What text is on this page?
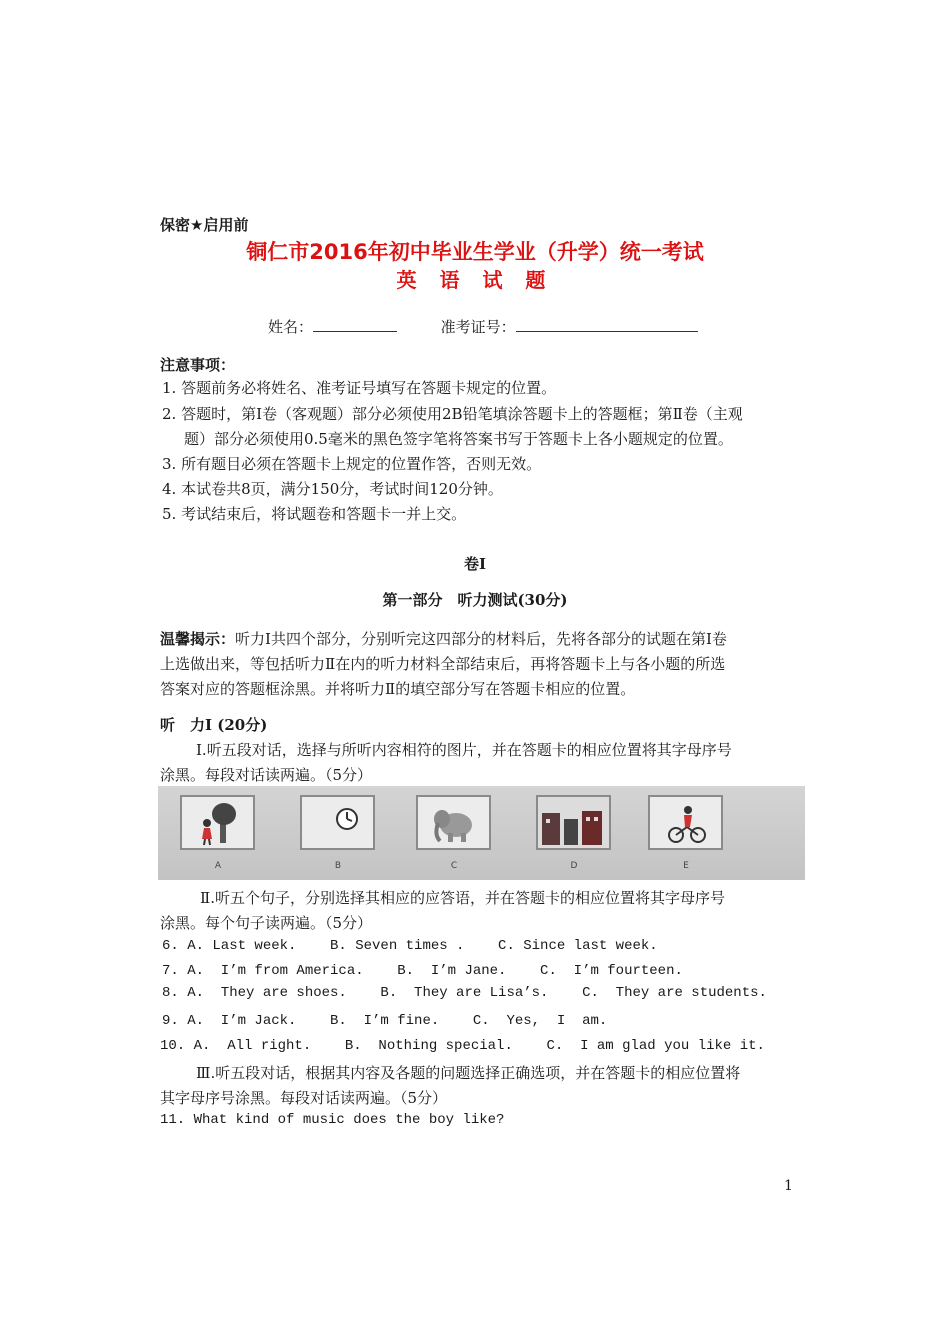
保密★启用前
铜仁市2016年初中毕业生学业（升学）统一考试
英 语 试 题
姓名：	准考证号：
注意事项：
1. 答题前务必将姓名、准考证号填写在答题卡规定的位置。
2. 答题时，第Ⅰ卷（客观题）部分必须使用2B铅笔填涂答题卡上的答题框；第Ⅱ卷（主观
题）部分必须使用0.5毫米的黑色签字笔将答案书写于答题卡上各小题规定的位置。
3. 所有题目必须在答题卡上规定的位置作答，否则无效。
4. 本试卷共8页，满分150分，考试时间120分钟。
5. 考试结束后，将试题卷和答题卡一并上交。
卷Ⅰ
第一部分　听力测试(30分)
温馨揭示：听力Ⅰ共四个部分，分别听完这四部分的材料后，先将各部分的试题在第Ⅰ卷
上选做出来，等包括听力Ⅱ在内的听力材料全部结束后，再将答题卡上与各小题的所选
答案对应的答题框涂黑。并将听力Ⅱ的填空部分写在答题卡相应的位置。
听　力Ⅰ (20分)
Ⅰ.听五段对话，选择与所听内容相符的图片，并在答题卡的相应位置将其字母序号
涂黑。每段对话读两遍。（5分）
A	B	C	D	E
Ⅱ.听五个句子，分别选择其相应的应答语，并在答题卡的相应位置将其字母序号
涂黑。每个句子读两遍。（5分）
6. A. Last week.    B. Seven times .    C. Since last week.
7. A.  I’m from America.    B.  I’m Jane.    C.  I’m fourteen.
8. A.  They are shoes.    B.  They are Lisa’s.    C.  They are students.
9. A.  I’m Jack.    B.  I’m fine.    C.  Yes,  I  am.
10. A.  All right.    B.  Nothing special.    C.  I am glad you like it.
Ⅲ.听五段对话，根据其内容及各题的问题选择正确选项，并在答题卡的相应位置将
其字母序号涂黑。每段对话读两遍。（5分）
11. What kind of music does the boy like?
1
